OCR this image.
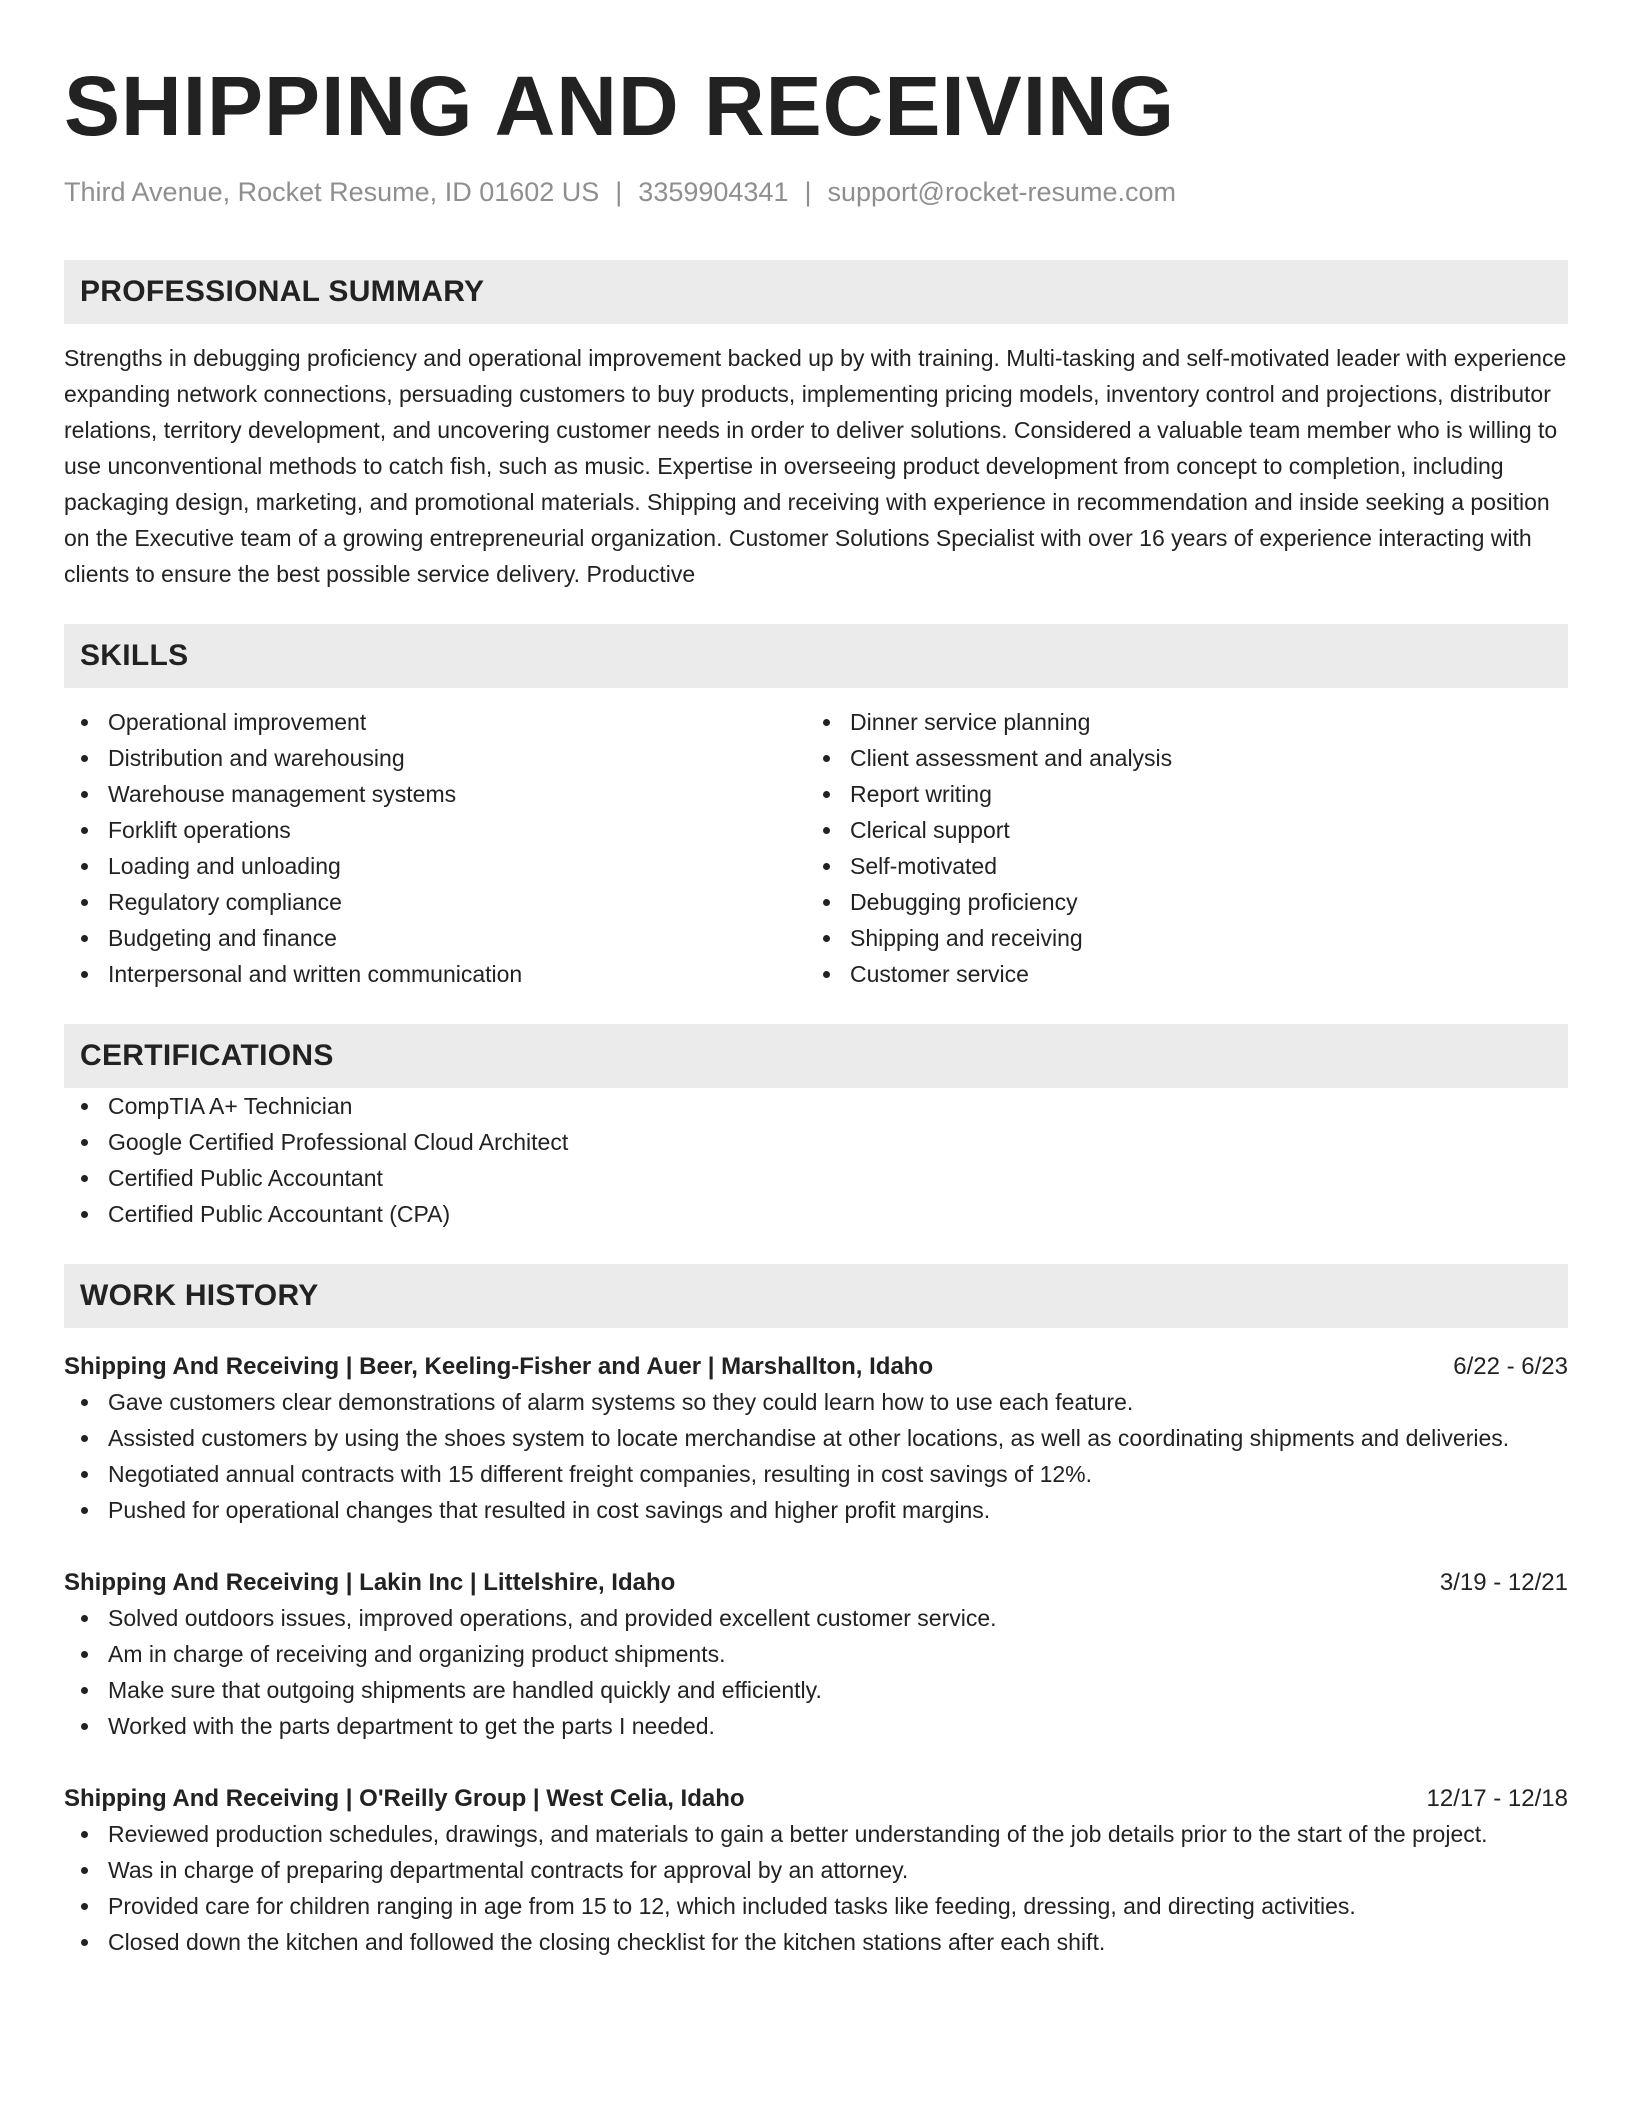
SHIPPING AND RECEIVING
Third Avenue, Rocket Resume, ID 01602 US | 3359904341 | support@rocket-resume.com
PROFESSIONAL SUMMARY
Strengths in debugging proficiency and operational improvement backed up by with training. Multi-tasking and self-motivated leader with experience expanding network connections, persuading customers to buy products, implementing pricing models, inventory control and projections, distributor relations, territory development, and uncovering customer needs in order to deliver solutions. Considered a valuable team member who is willing to use unconventional methods to catch fish, such as music. Expertise in overseeing product development from concept to completion, including packaging design, marketing, and promotional materials. Shipping and receiving with experience in recommendation and inside seeking a position on the Executive team of a growing entrepreneurial organization. Customer Solutions Specialist with over 16 years of experience interacting with clients to ensure the best possible service delivery. Productive
SKILLS
Operational improvement
Distribution and warehousing
Warehouse management systems
Forklift operations
Loading and unloading
Regulatory compliance
Budgeting and finance
Interpersonal and written communication
Dinner service planning
Client assessment and analysis
Report writing
Clerical support
Self-motivated
Debugging proficiency
Shipping and receiving
Customer service
CERTIFICATIONS
CompTIA A+ Technician
Google Certified Professional Cloud Architect
Certified Public Accountant
Certified Public Accountant (CPA)
WORK HISTORY
Shipping And Receiving | Beer, Keeling-Fisher and Auer | Marshallton, Idaho	6/22 - 6/23
Gave customers clear demonstrations of alarm systems so they could learn how to use each feature.
Assisted customers by using the shoes system to locate merchandise at other locations, as well as coordinating shipments and deliveries.
Negotiated annual contracts with 15 different freight companies, resulting in cost savings of 12%.
Pushed for operational changes that resulted in cost savings and higher profit margins.
Shipping And Receiving | Lakin Inc | Littelshire, Idaho	3/19 - 12/21
Solved outdoors issues, improved operations, and provided excellent customer service.
Am in charge of receiving and organizing product shipments.
Make sure that outgoing shipments are handled quickly and efficiently.
Worked with the parts department to get the parts I needed.
Shipping And Receiving | O'Reilly Group | West Celia, Idaho	12/17 - 12/18
Reviewed production schedules, drawings, and materials to gain a better understanding of the job details prior to the start of the project.
Was in charge of preparing departmental contracts for approval by an attorney.
Provided care for children ranging in age from 15 to 12, which included tasks like feeding, dressing, and directing activities.
Closed down the kitchen and followed the closing checklist for the kitchen stations after each shift.
